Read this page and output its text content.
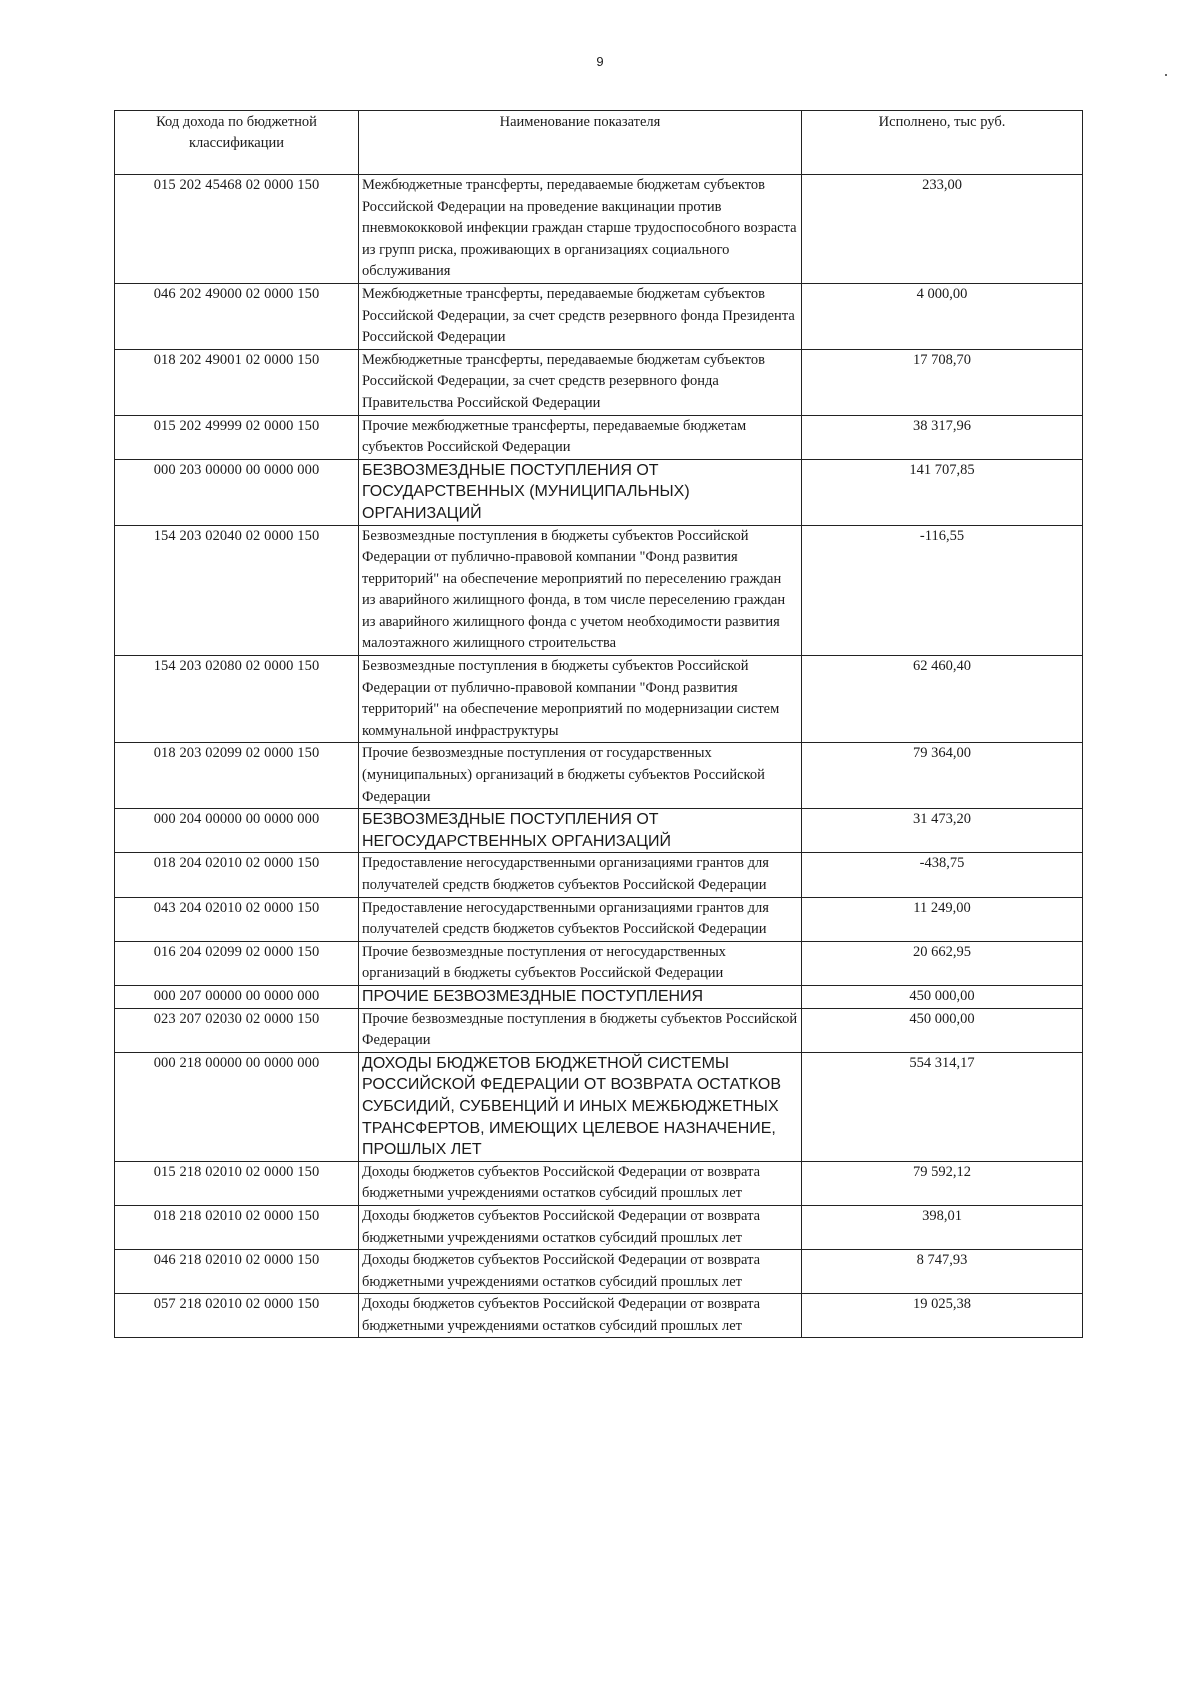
9
Код дохода по бюджетной классификации	Наименование показателя	Исполнено, тыс руб.
015 202 45468 02 0000 150	Межбюджетные трансферты, передаваемые бюджетам субъектов Российской Федерации на проведение вакцинации против пневмококковой инфекции граждан старше трудоспособного возраста из групп риска, проживающих в организациях социального обслуживания	233,00
046 202 49000 02 0000 150	Межбюджетные трансферты, передаваемые бюджетам субъектов Российской Федерации, за счет средств резервного фонда Президента Российской Федерации	4 000,00
018 202 49001 02 0000 150	Межбюджетные трансферты, передаваемые бюджетам субъектов Российской Федерации, за счет средств резервного фонда Правительства Российской Федерации	17 708,70
015 202 49999 02 0000 150	Прочие межбюджетные трансферты, передаваемые бюджетам субъектов Российской Федерации	38 317,96
000 203 00000 00 0000 000	БЕЗВОЗМЕЗДНЫЕ ПОСТУПЛЕНИЯ ОТ ГОСУДАРСТВЕННЫХ (МУНИЦИПАЛЬНЫХ) ОРГАНИЗАЦИЙ	141 707,85
154 203 02040 02 0000 150	Безвозмездные поступления в бюджеты субъектов Российской Федерации от публично-правовой компании "Фонд развития территорий" на обеспечение мероприятий по переселению граждан из аварийного жилищного фонда, в том числе переселению граждан из аварийного жилищного фонда с учетом необходимости развития малоэтажного жилищного строительства	-116,55
154 203 02080 02 0000 150	Безвозмездные поступления в бюджеты субъектов Российской Федерации от публично-правовой компании "Фонд развития территорий" на обеспечение мероприятий по модернизации систем коммунальной инфраструктуры	62 460,40
018 203 02099 02 0000 150	Прочие безвозмездные поступления от государственных (муниципальных) организаций в бюджеты субъектов Российской Федерации	79 364,00
000 204 00000 00 0000 000	БЕЗВОЗМЕЗДНЫЕ ПОСТУПЛЕНИЯ ОТ НЕГОСУДАРСТВЕННЫХ ОРГАНИЗАЦИЙ	31 473,20
018 204 02010 02 0000 150	Предоставление негосударственными организациями грантов для получателей средств бюджетов субъектов Российской Федерации	-438,75
043 204 02010 02 0000 150	Предоставление негосударственными организациями грантов для получателей средств бюджетов субъектов Российской Федерации	11 249,00
016 204 02099 02 0000 150	Прочие безвозмездные поступления от негосударственных организаций в бюджеты субъектов Российской Федерации	20 662,95
000 207 00000 00 0000 000	ПРОЧИЕ БЕЗВОЗМЕЗДНЫЕ ПОСТУПЛЕНИЯ	450 000,00
023 207 02030 02 0000 150	Прочие безвозмездные поступления в бюджеты субъектов Российской Федерации	450 000,00
000 218 00000 00 0000 000	ДОХОДЫ БЮДЖЕТОВ БЮДЖЕТНОЙ СИСТЕМЫ РОССИЙСКОЙ ФЕДЕРАЦИИ ОТ ВОЗВРАТА ОСТАТКОВ СУБСИДИЙ, СУБВЕНЦИЙ И ИНЫХ МЕЖБЮДЖЕТНЫХ ТРАНСФЕРТОВ, ИМЕЮЩИХ ЦЕЛЕВОЕ НАЗНАЧЕНИЕ, ПРОШЛЫХ ЛЕТ	554 314,17
015 218 02010 02 0000 150	Доходы бюджетов субъектов Российской Федерации от возврата бюджетными учреждениями остатков субсидий прошлых лет	79 592,12
018 218 02010 02 0000 150	Доходы бюджетов субъектов Российской Федерации от возврата бюджетными учреждениями остатков субсидий прошлых лет	398,01
046 218 02010 02 0000 150	Доходы бюджетов субъектов Российской Федерации от возврата бюджетными учреждениями остатков субсидий прошлых лет	8 747,93
057 218 02010 02 0000 150	Доходы бюджетов субъектов Российской Федерации от возврата бюджетными учреждениями остатков субсидий прошлых лет	19 025,38
